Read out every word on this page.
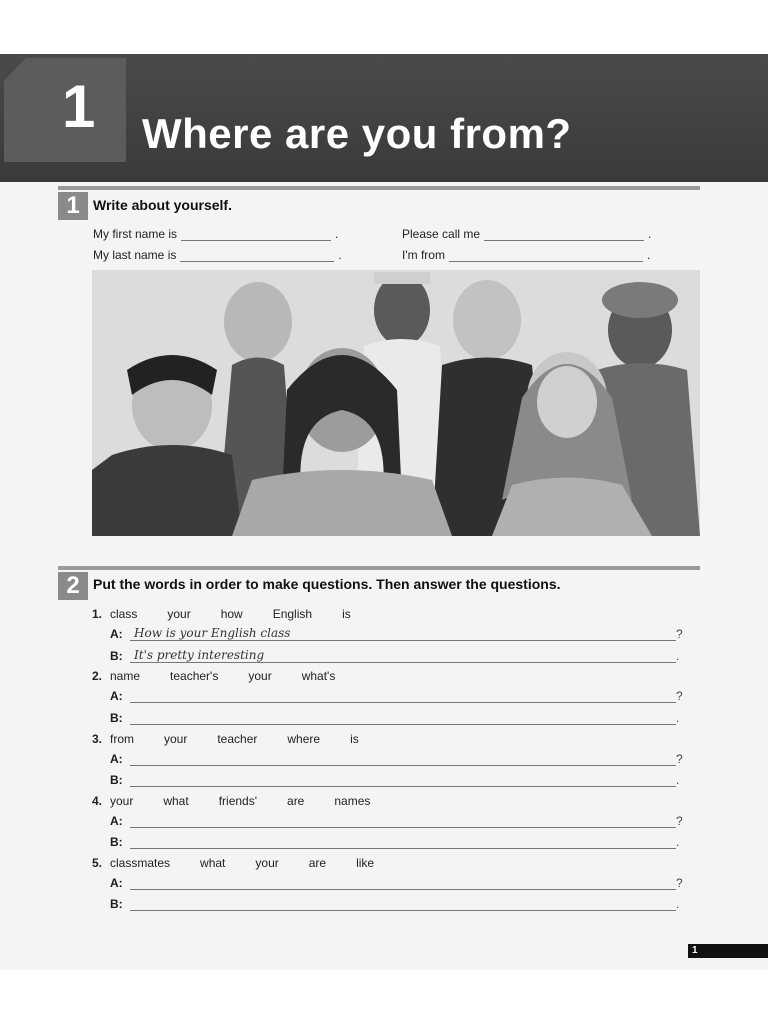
1 Where are you from?
1 Write about yourself.
My first name is	.
My last name is	.
Please call me	.
I'm from	.
2 Put the words in order to make questions. Then answer the questions.
1. class	your	how	English	is
A: How is your English class	?
B: It's pretty interesting	.
2. name	teacher's	your	what's
A:	?
B:	.
3. from	your	teacher	where	is
A:	?
B:	.
4. your	what	friends'	are	names
A:	?
B:	.
5. classmates	what	your	are	like
A:	?
B:	.
1
